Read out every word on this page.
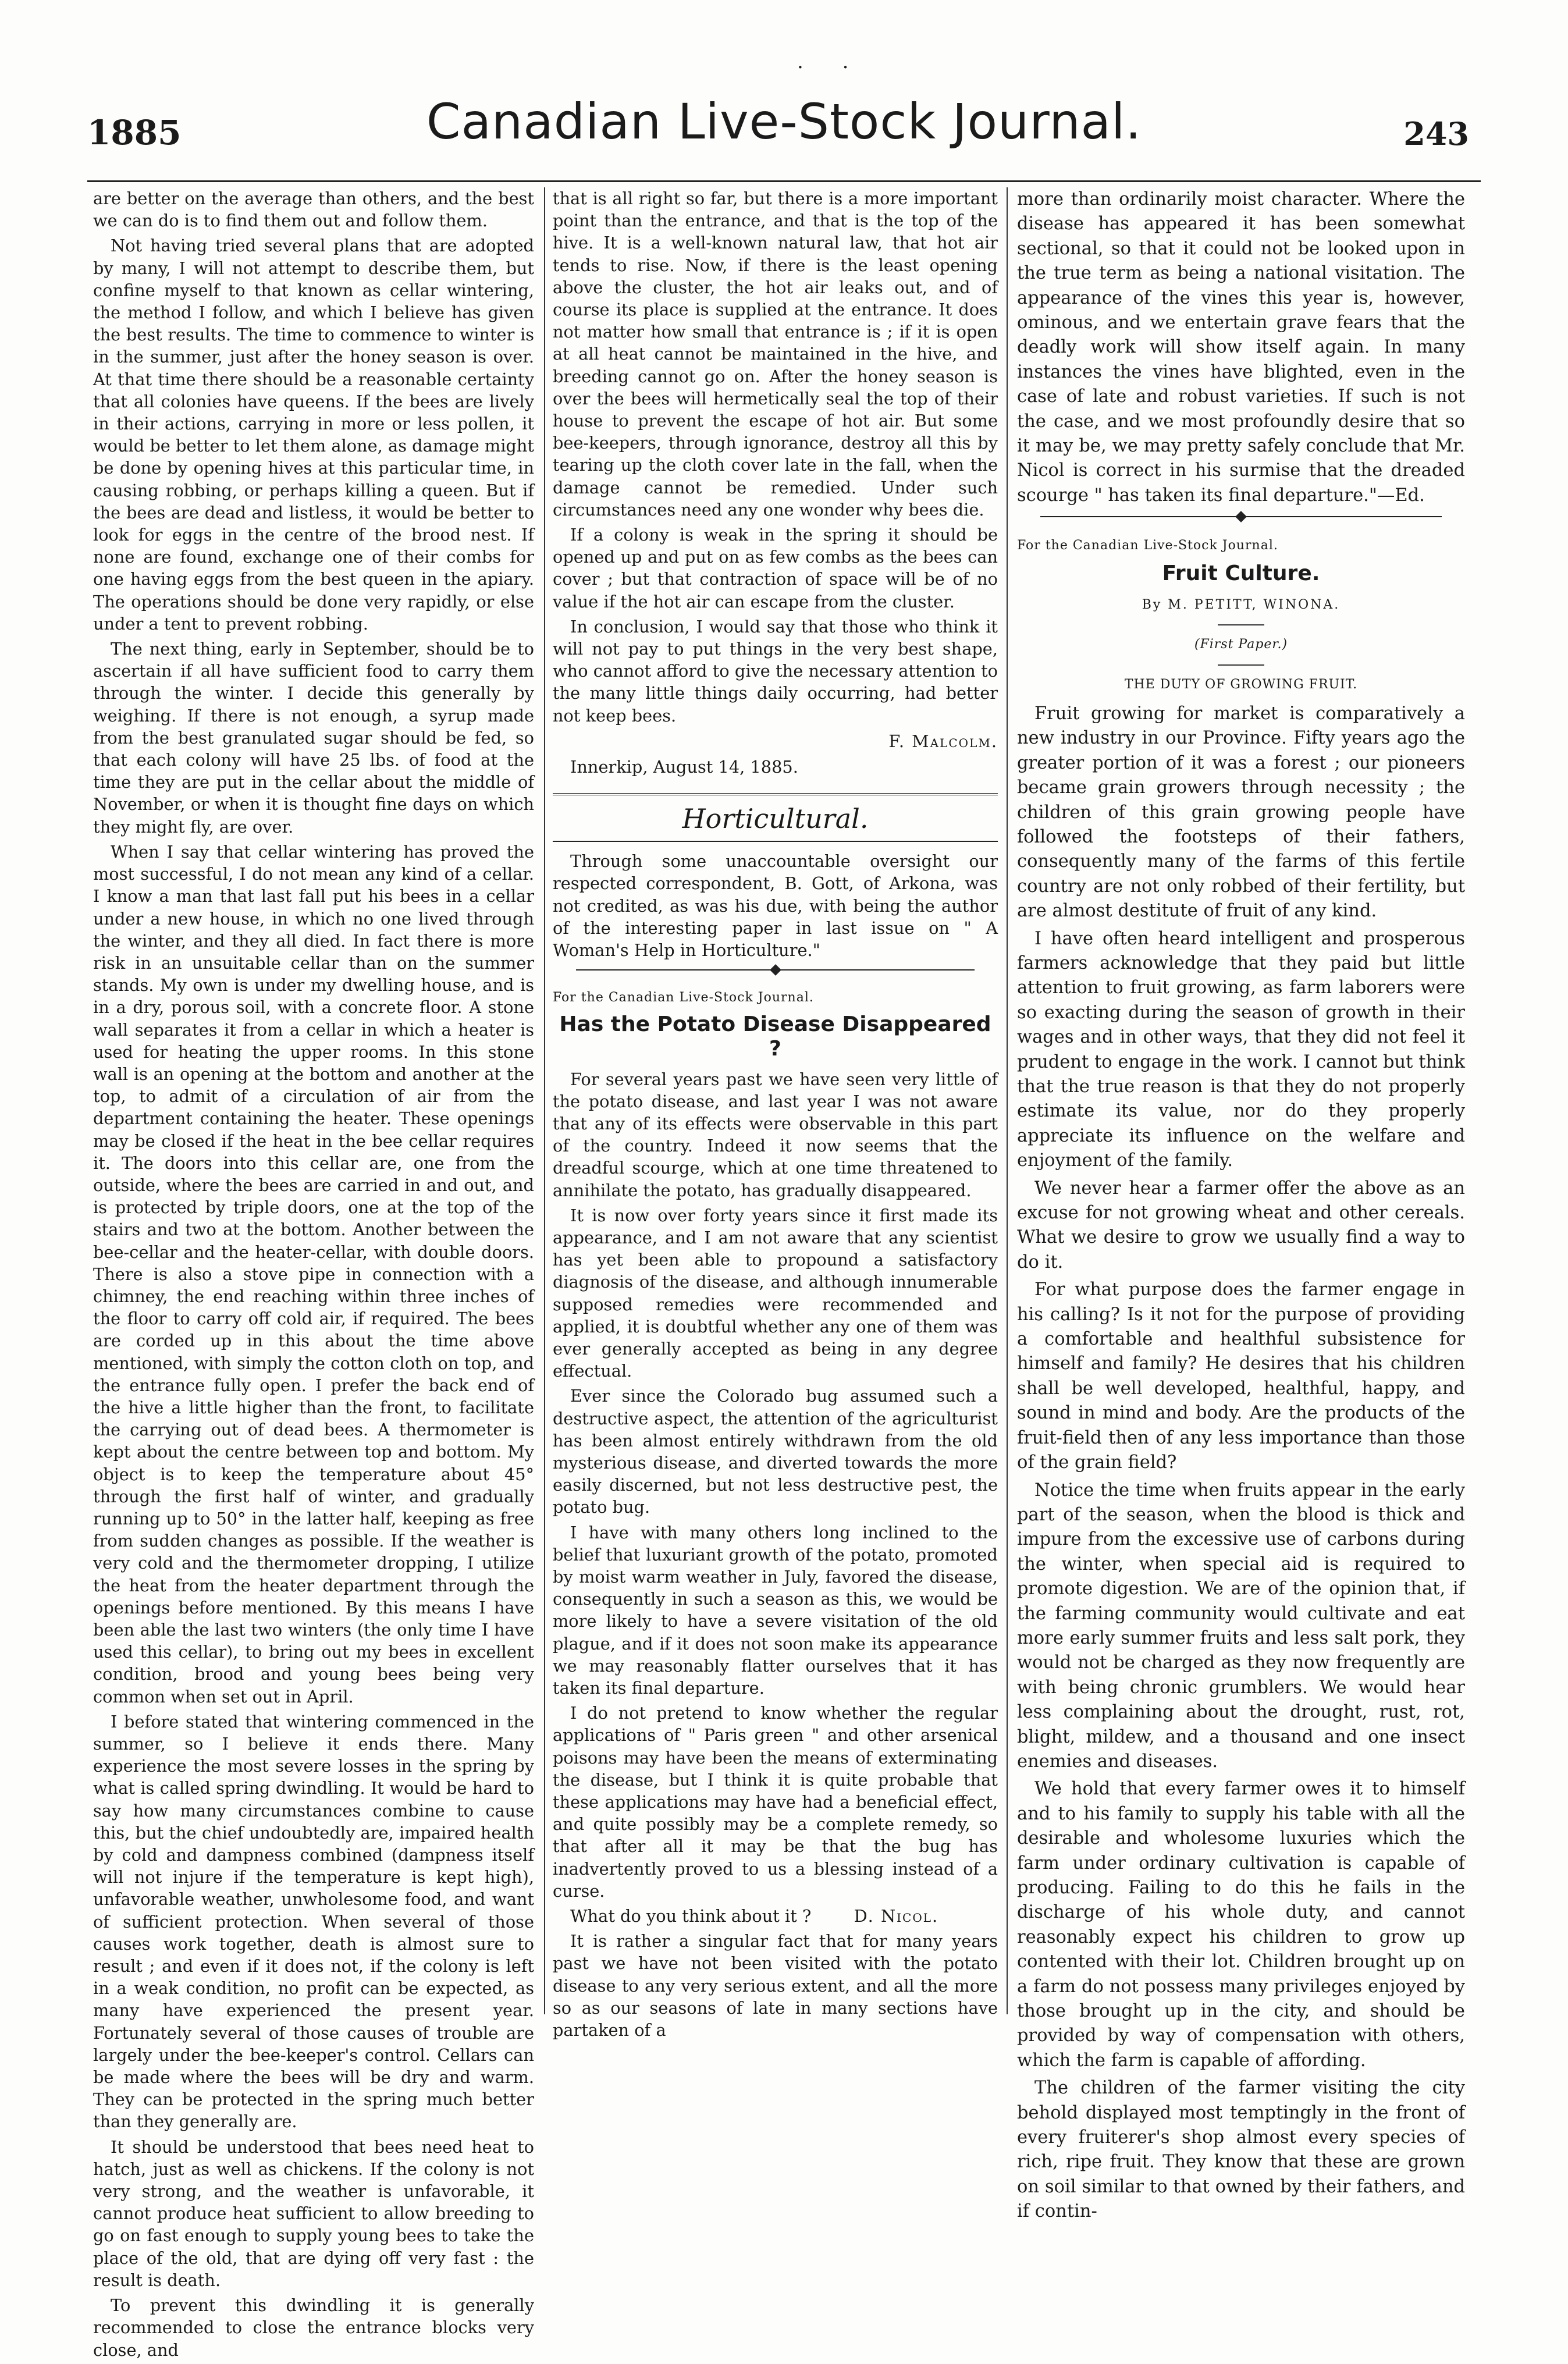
. .
1885	Canadian Live-Stock Journal.	243

are better on the average than others, and the best we can do is to find them out and follow them.

Not having tried several plans that are adopted by many, I will not attempt to describe them, but confine myself to that known as cellar wintering, the method I follow, and which I believe has given the best results. The time to commence to winter is in the summer, just after the honey season is over. At that time there should be a reasonable certainty that all colonies have queens. If the bees are lively in their actions, carrying in more or less pollen, it would be better to let them alone, as damage might be done by opening hives at this particular time, in causing robbing, or perhaps killing a queen. But if the bees are dead and listless, it would be better to look for eggs in the centre of the brood nest. If none are found, exchange one of their combs for one having eggs from the best queen in the apiary. The operations should be done very rapidly, or else under a tent to prevent robbing.

The next thing, early in September, should be to ascertain if all have sufficient food to carry them through the winter. I decide this generally by weighing. If there is not enough, a syrup made from the best granulated sugar should be fed, so that each colony will have 25 lbs. of food at the time they are put in the cellar about the middle of November, or when it is thought fine days on which they might fly, are over.

When I say that cellar wintering has proved the most successful, I do not mean any kind of a cellar. I know a man that last fall put his bees in a cellar under a new house, in which no one lived through the winter, and they all died. In fact there is more risk in an unsuitable cellar than on the summer stands. My own is under my dwelling house, and is in a dry, porous soil, with a concrete floor. A stone wall separates it from a cellar in which a heater is used for heating the upper rooms. In this stone wall is an opening at the bottom and another at the top, to admit of a circulation of air from the department containing the heater. These openings may be closed if the heat in the bee cellar requires it. The doors into this cellar are, one from the outside, where the bees are carried in and out, and is protected by triple doors, one at the top of the stairs and two at the bottom. Another between the bee-cellar and the heater-cellar, with double doors. There is also a stove pipe in connection with a chimney, the end reaching within three inches of the floor to carry off cold air, if required. The bees are corded up in this about the time above mentioned, with simply the cotton cloth on top, and the entrance fully open. I prefer the back end of the hive a little higher than the front, to facilitate the carrying out of dead bees. A thermometer is kept about the centre between top and bottom. My object is to keep the temperature about 45° through the first half of winter, and gradually running up to 50° in the latter half, keeping as free from sudden changes as possible. If the weather is very cold and the thermometer dropping, I utilize the heat from the heater department through the openings before mentioned. By this means I have been able the last two winters (the only time I have used this cellar), to bring out my bees in excellent condition, brood and young bees being very common when set out in April.

I before stated that wintering commenced in the summer, so I believe it ends there. Many experience the most severe losses in the spring by what is called spring dwindling. It would be hard to say how many circumstances combine to cause this, but the chief undoubtedly are, impaired health by cold and dampness combined (dampness itself will not injure if the temperature is kept high), unfavorable weather, unwholesome food, and want of sufficient protection. When several of those causes work together, death is almost sure to result ; and even if it does not, if the colony is left in a weak condition, no profit can be expected, as many have experienced the present year. Fortunately several of those causes of trouble are largely under the bee-keeper's control. Cellars can be made where the bees will be dry and warm. They can be protected in the spring much better than they generally are.

It should be understood that bees need heat to hatch, just as well as chickens. If the colony is not very strong, and the weather is unfavorable, it cannot produce heat sufficient to allow breeding to go on fast enough to supply young bees to take the place of the old, that are dying off very fast : the result is death.

To prevent this dwindling it is generally recommended to close the entrance blocks very close, and

that is all right so far, but there is a more important point than the entrance, and that is the top of the hive. It is a well-known natural law, that hot air tends to rise. Now, if there is the least opening above the cluster, the hot air leaks out, and of course its place is supplied at the entrance. It does not matter how small that entrance is ; if it is open at all heat cannot be maintained in the hive, and breeding cannot go on. After the honey season is over the bees will hermetically seal the top of their house to prevent the escape of hot air. But some bee-keepers, through ignorance, destroy all this by tearing up the cloth cover late in the fall, when the damage cannot be remedied. Under such circumstances need any one wonder why bees die.

If a colony is weak in the spring it should be opened up and put on as few combs as the bees can cover ; but that contraction of space will be of no value if the hot air can escape from the cluster.

In conclusion, I would say that those who think it will not pay to put things in the very best shape, who cannot afford to give the necessary attention to the many little things daily occurring, had better not keep bees.

F. Malcolm.

Innerkip, August 14, 1885.

Horticultural.

Through some unaccountable oversight our respected correspondent, B. Gott, of Arkona, was not credited, as was his due, with being the author of the interesting paper in last issue on " A Woman's Help in Horticulture."

For the Canadian Live-Stock Journal.

Has the Potato Disease Disappeared ?

For several years past we have seen very little of the potato disease, and last year I was not aware that any of its effects were observable in this part of the country. Indeed it now seems that the dreadful scourge, which at one time threatened to annihilate the potato, has gradually disappeared.

It is now over forty years since it first made its appearance, and I am not aware that any scientist has yet been able to propound a satisfactory diagnosis of the disease, and although innumerable supposed remedies were recommended and applied, it is doubtful whether any one of them was ever generally accepted as being in any degree effectual.

Ever since the Colorado bug assumed such a destructive aspect, the attention of the agriculturist has been almost entirely withdrawn from the old mysterious disease, and diverted towards the more easily discerned, but not less destructive pest, the potato bug.

I have with many others long inclined to the belief that luxuriant growth of the potato, promoted by moist warm weather in July, favored the disease, consequently in such a season as this, we would be more likely to have a severe visitation of the old plague, and if it does not soon make its appearance we may reasonably flatter ourselves that it has taken its final departure.

I do not pretend to know whether the regular applications of " Paris green " and other arsenical poisons may have been the means of exterminating the disease, but I think it is quite probable that these applications may have had a beneficial effect, and quite possibly may be a complete remedy, so that after all it may be that the bug has inadvertently proved to us a blessing instead of a curse.

What do you think about it ?	D. Nicol.

It is rather a singular fact that for many years past we have not been visited with the potato disease to any very serious extent, and all the more so as our seasons of late in many sections have partaken of a

more than ordinarily moist character. Where the disease has appeared it has been somewhat sectional, so that it could not be looked upon in the true term as being a national visitation. The appearance of the vines this year is, however, ominous, and we entertain grave fears that the deadly work will show itself again. In many instances the vines have blighted, even in the case of late and robust varieties. If such is not the case, and we most profoundly desire that so it may be, we may pretty safely conclude that Mr. Nicol is correct in his surmise that the dreaded scourge " has taken its final departure."—Ed.

For the Canadian Live-Stock Journal.

Fruit Culture.
By M. PETITT, WINONA.
(First Paper.)
THE DUTY OF GROWING FRUIT.

Fruit growing for market is comparatively a new industry in our Province. Fifty years ago the greater portion of it was a forest ; our pioneers became grain growers through necessity ; the children of this grain growing people have followed the footsteps of their fathers, consequently many of the farms of this fertile country are not only robbed of their fertility, but are almost destitute of fruit of any kind.

I have often heard intelligent and prosperous farmers acknowledge that they paid but little attention to fruit growing, as farm laborers were so exacting during the season of growth in their wages and in other ways, that they did not feel it prudent to engage in the work. I cannot but think that the true reason is that they do not properly estimate its value, nor do they properly appreciate its influence on the welfare and enjoyment of the family.

We never hear a farmer offer the above as an excuse for not growing wheat and other cereals. What we desire to grow we usually find a way to do it.

For what purpose does the farmer engage in his calling? Is it not for the purpose of providing a comfortable and healthful subsistence for himself and family? He desires that his children shall be well developed, healthful, happy, and sound in mind and body. Are the products of the fruit-field then of any less importance than those of the grain field?

Notice the time when fruits appear in the early part of the season, when the blood is thick and impure from the excessive use of carbons during the winter, when special aid is required to promote digestion. We are of the opinion that, if the farming community would cultivate and eat more early summer fruits and less salt pork, they would not be charged as they now frequently are with being chronic grumblers. We would hear less complaining about the drought, rust, rot, blight, mildew, and a thousand and one insect enemies and diseases.

We hold that every farmer owes it to himself and to his family to supply his table with all the desirable and wholesome luxuries which the farm under ordinary cultivation is capable of producing. Failing to do this he fails in the discharge of his whole duty, and cannot reasonably expect his children to grow up contented with their lot. Children brought up on a farm do not possess many privileges enjoyed by those brought up in the city, and should be provided by way of compensation with others, which the farm is capable of affording.

The children of the farmer visiting the city behold displayed most temptingly in the front of every fruiterer's shop almost every species of rich, ripe fruit. They know that these are grown on soil similar to that owned by their fathers, and if contin-
